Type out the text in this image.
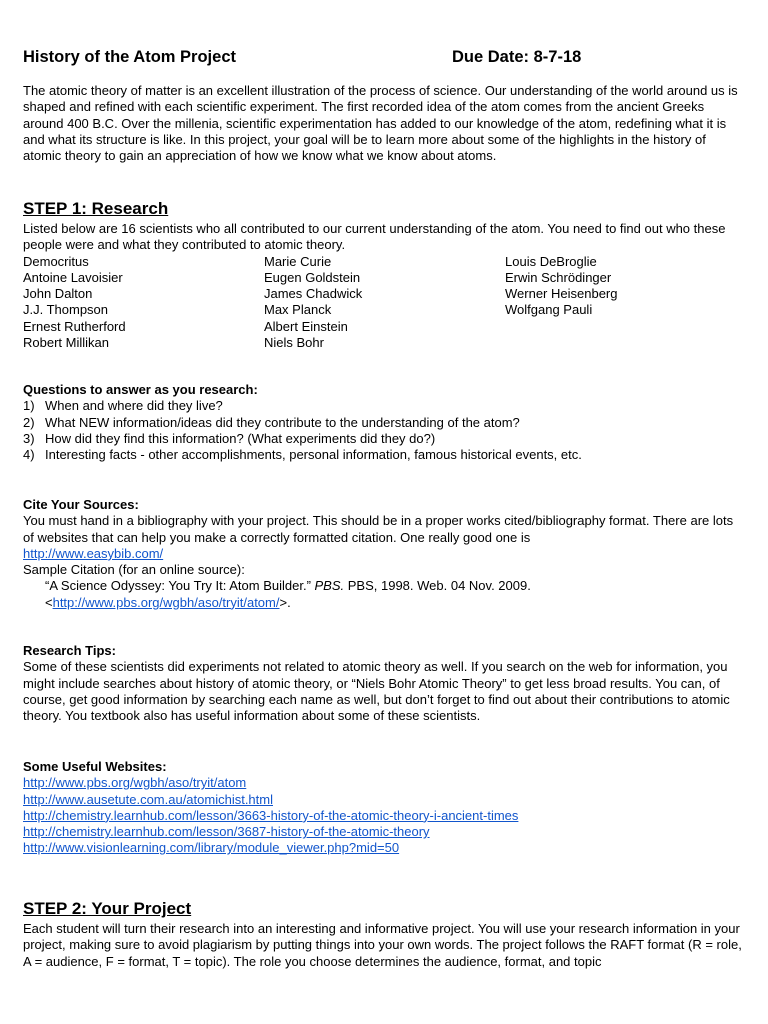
History of the Atom Project	Due Date: 8-7-18

The atomic theory of matter is an excellent illustration of the process of science. Our understanding of the world around us is shaped and refined with each scientific experiment. The first recorded idea of the atom comes from the ancient Greeks around 400 B.C. Over the millenia, scientific experimentation has added to our knowledge of the atom, redefining what it is and what its structure is like. In this project, your goal will be to learn more about some of the highlights in the history of atomic theory to gain an appreciation of how we know what we know about atoms.

STEP 1: Research

Listed below are 16 scientists who all contributed to our current understanding of the atom. You need to find out who these people were and what they contributed to atomic theory.

Democritus
Antoine Lavoisier
John Dalton
J.J. Thompson
Ernest Rutherford
Robert Millikan
Marie Curie
Eugen Goldstein
James Chadwick
Max Planck
Albert Einstein
Niels Bohr
Louis DeBroglie
Erwin Schrödinger
Werner Heisenberg
Wolfgang Pauli
Questions to answer as you research:
1) When and where did they live?
2) What NEW information/ideas did they contribute to the understanding of the atom?
3) How did they find this information? (What experiments did they do?)
4) Interesting facts - other accomplishments, personal information, famous historical events, etc.
Cite Your Sources:

You must hand in a bibliography with your project. This should be in a proper works cited/bibliography format. There are lots of websites that can help you make a correctly formatted citation. One really good one is

http://www.easybib.com/
Sample Citation (for an online source):
“A Science Odyssey: You Try It: Atom Builder.” PBS. PBS, 1998. Web. 04 Nov. 2009.
<http://www.pbs.org/wgbh/aso/tryit/atom/>.
Research Tips:

Some of these scientists did experiments not related to atomic theory as well. If you search on the web for information, you might include searches about history of atomic theory, or “Niels Bohr Atomic Theory” to get less broad results. You can, of course, get good information by searching each name as well, but don’t forget to find out about their contributions to atomic theory. You textbook also has useful information about some of these scientists.

Some Useful Websites:
http://www.pbs.org/wgbh/aso/tryit/atom
http://www.ausetute.com.au/atomichist.html
http://chemistry.learnhub.com/lesson/3663-history-of-the-atomic-theory-i-ancient-times
http://chemistry.learnhub.com/lesson/3687-history-of-the-atomic-theory
http://www.visionlearning.com/library/module_viewer.php?mid=50
STEP 2: Your Project

Each student will turn their research into an interesting and informative project. You will use your research information in your project, making sure to avoid plagiarism by putting things into your own words. The project follows the RAFT format (R = role, A = audience, F = format, T = topic). The role you choose determines the audience, format, and topic
